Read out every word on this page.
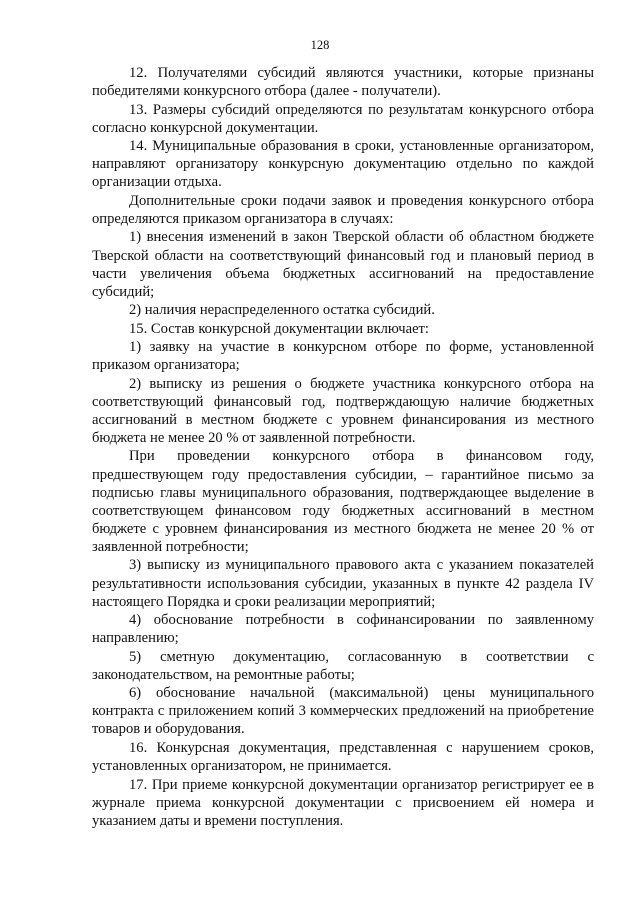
128

12. Получателями субсидий являются участники, которые признаны победителями конкурсного отбора (далее - получатели).

13. Размеры субсидий определяются по результатам конкурсного отбора согласно конкурсной документации.

14. Муниципальные образования в сроки, установленные организатором, направляют организатору конкурсную документацию отдельно по каждой организации отдыха.

Дополнительные сроки подачи заявок и проведения конкурсного отбора определяются приказом организатора в случаях:

1) внесения изменений в закон Тверской области об областном бюджете Тверской области на соответствующий финансовый год и плановый период в части увеличения объема бюджетных ассигнований на предоставление субсидий;

2) наличия нераспределенного остатка субсидий.

15. Состав конкурсной документации включает:

1) заявку на участие в конкурсном отборе по форме, установленной приказом организатора;

2) выписку из решения о бюджете участника конкурсного отбора на соответствующий финансовый год, подтверждающую наличие бюджетных ассигнований в местном бюджете с уровнем финансирования из местного бюджета не менее 20 % от заявленной потребности.

При проведении конкурсного отбора в финансовом году, предшествующем году предоставления субсидии, – гарантийное письмо за подписью главы муниципального образования, подтверждающее выделение в соответствующем финансовом году бюджетных ассигнований в местном бюджете с уровнем финансирования из местного бюджета не менее 20 % от заявленной потребности;

3) выписку из муниципального правового акта с указанием показателей результативности использования субсидии, указанных в пункте 42 раздела IV настоящего Порядка и сроки реализации мероприятий;

4) обоснование потребности в софинансировании по заявленному направлению;

5) сметную документацию, согласованную в соответствии с законодательством, на ремонтные работы;

6) обоснование начальной (максимальной) цены муниципального контракта с приложением копий 3 коммерческих предложений на приобретение товаров и оборудования.

16. Конкурсная документация, представленная с нарушением сроков, установленных организатором, не принимается.

17. При приеме конкурсной документации организатор регистрирует ее в журнале приема конкурсной документации с присвоением ей номера и указанием даты и времени поступления.
